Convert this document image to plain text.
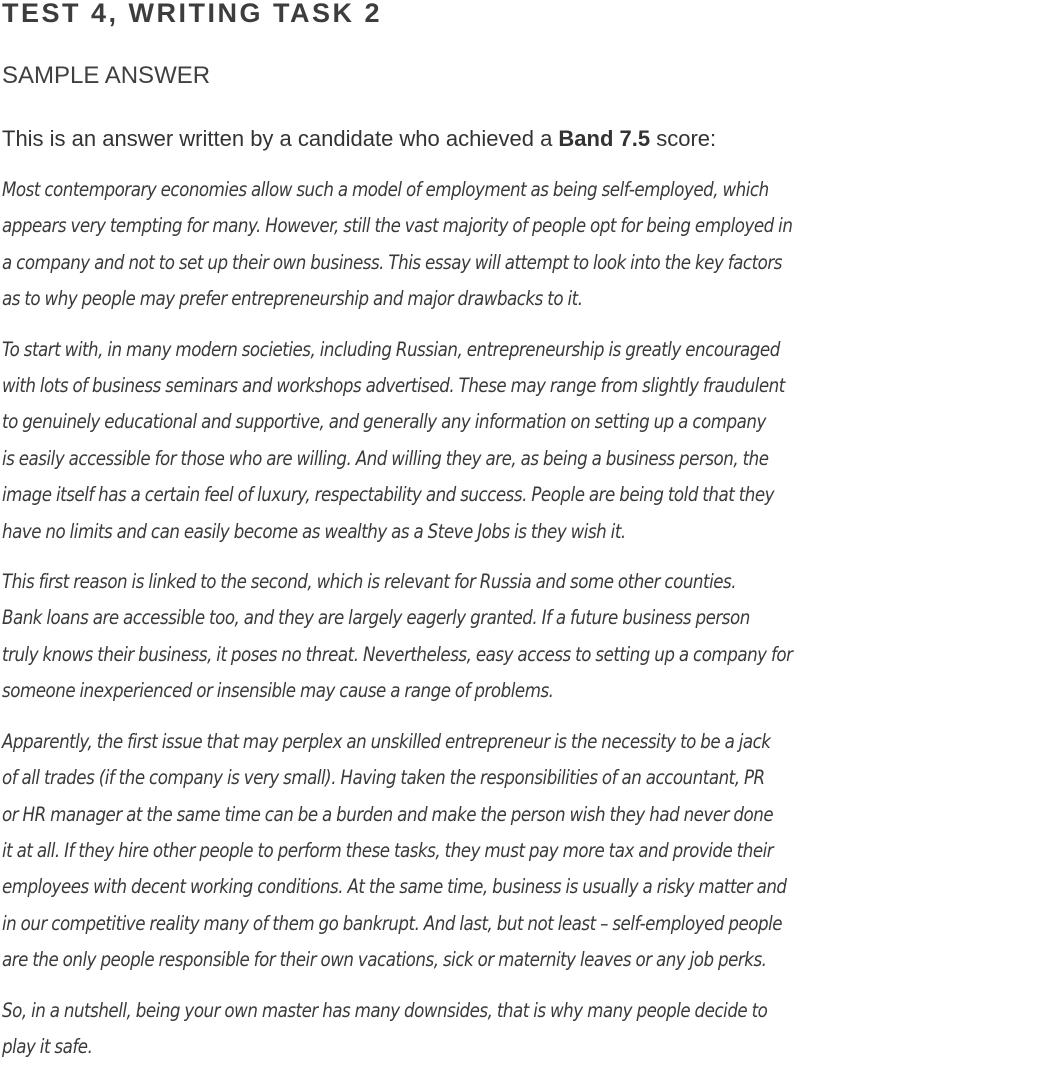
TEST 4, WRITING TASK 2
SAMPLE ANSWER
This is an answer written by a candidate who achieved a Band 7.5 score:
Most contemporary economies allow such a model of employment as being self-employed, which
appears very tempting for many. However, still the vast majority of people opt for being employed in
a company and not to set up their own business. This essay will attempt to look into the key factors
as to why people may prefer entrepreneurship and major drawbacks to it.
To start with, in many modern societies, including Russian, entrepreneurship is greatly encouraged
with lots of business seminars and workshops advertised. These may range from slightly fraudulent
to genuinely educational and supportive, and generally any information on setting up a company
is easily accessible for those who are willing. And willing they are, as being a business person, the
image itself has a certain feel of luxury, respectability and success. People are being told that they
have no limits and can easily become as wealthy as a Steve Jobs is they wish it.
This first reason is linked to the second, which is relevant for Russia and some other counties.
Bank loans are accessible too, and they are largely eagerly granted. If a future business person
truly knows their business, it poses no threat. Nevertheless, easy access to setting up a company for
someone inexperienced or insensible may cause a range of problems.
Apparently, the first issue that may perplex an unskilled entrepreneur is the necessity to be a jack
of all trades (if the company is very small). Having taken the responsibilities of an accountant, PR
or HR manager at the same time can be a burden and make the person wish they had never done
it at all. If they hire other people to perform these tasks, they must pay more tax and provide their
employees with decent working conditions. At the same time, business is usually a risky matter and
in our competitive reality many of them go bankrupt. And last, but not least – self-employed people
are the only people responsible for their own vacations, sick or maternity leaves or any job perks.
So, in a nutshell, being your own master has many downsides, that is why many people decide to
play it safe.
